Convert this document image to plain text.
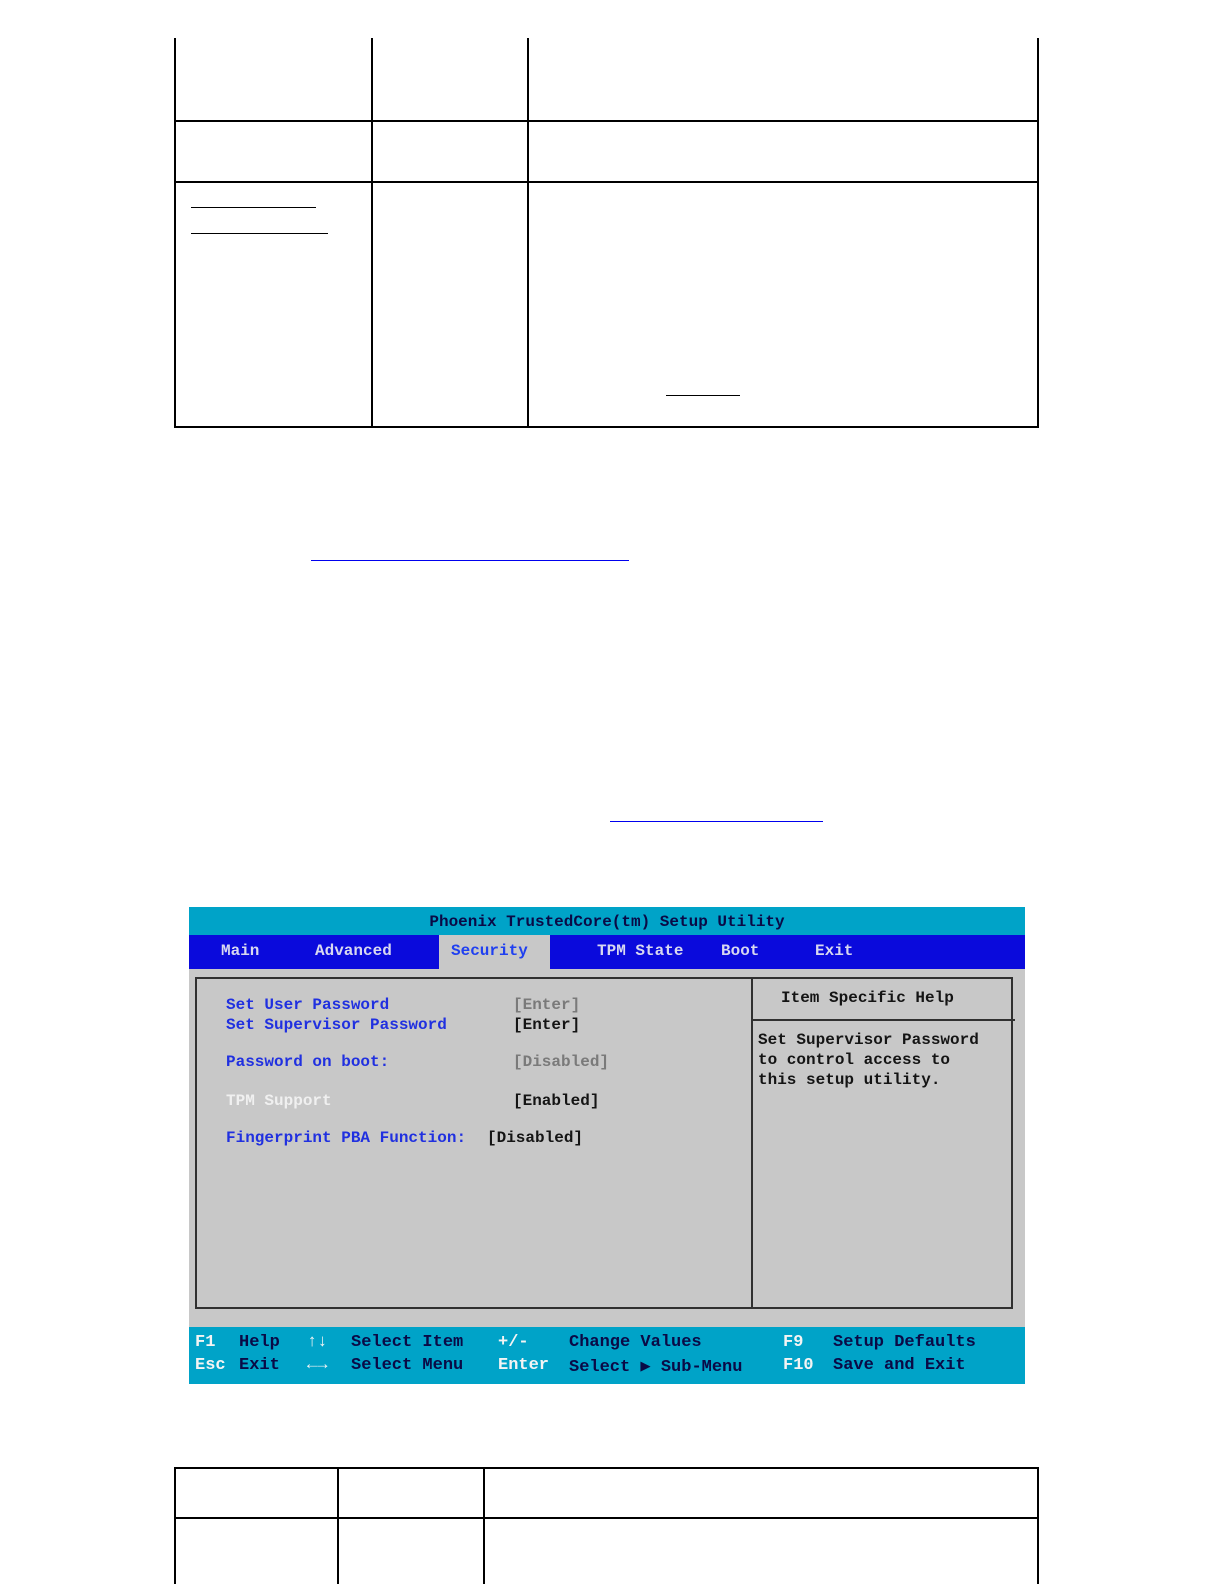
Phoenix TrustedCore(tm) Setup Utility
Main	Advanced	Security	TPM State Boot	Exit
Set User Password	[Enter]
Set Supervisor Password	[Enter]
Password on boot:	[Disabled]
TPM Support	[Enabled]
Fingerprint PBA Function: [Disabled]
Item Specific Help
Set Supervisor Password
to control access to
this setup utility.
F1 Help ↑↓ Select Item +/- Change Values	F9 Setup Defaults
Esc Exit ←→ Select Menu Enter Select ▶ Sub-Menu F10 Save and Exit
